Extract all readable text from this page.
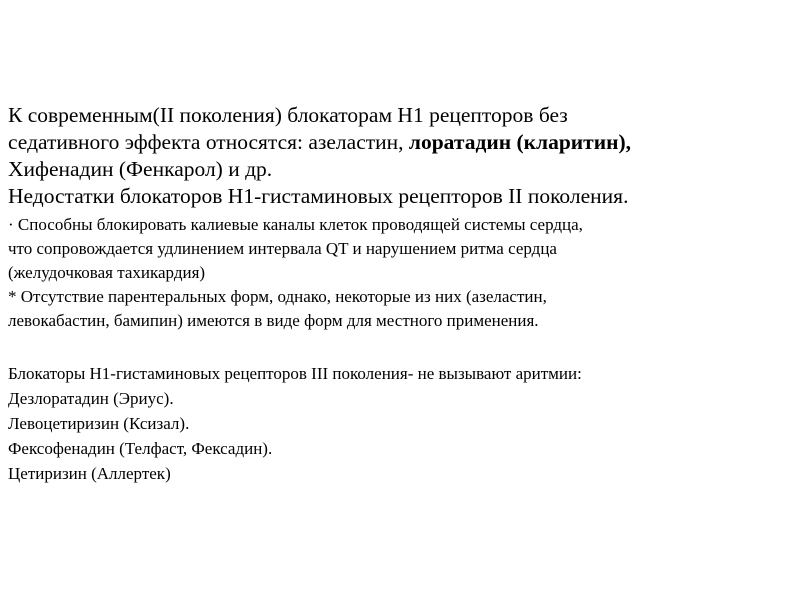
К современным(II поколения) блокаторам Н1 рецепторов без
седативного эффекта относятся: азеластин, лоратадин (кларитин),
Хифенадин (Фенкарол) и др.
Недостатки блокаторов Н1-гистаминовых рецепторов II поколения.
· Способны блокировать калиевые каналы клеток проводящей системы сердца,
что сопровождается удлинением интервала QT и нарушением ритма сердца
(желудочковая тахикардия)
* Отсутствие парентеральных форм, однако, некоторые из них (азеластин,
левокабастин, бамипин) имеются в виде форм для местного применения.
Блокаторы Н1-гистаминовых рецепторов III поколения- не вызывают аритмии:
Дезлоратадин (Эриус).
Левоцетиризин (Ксизал).
Фексофенадин (Телфаст, Фексадин).
Цетиризин (Аллертек)
